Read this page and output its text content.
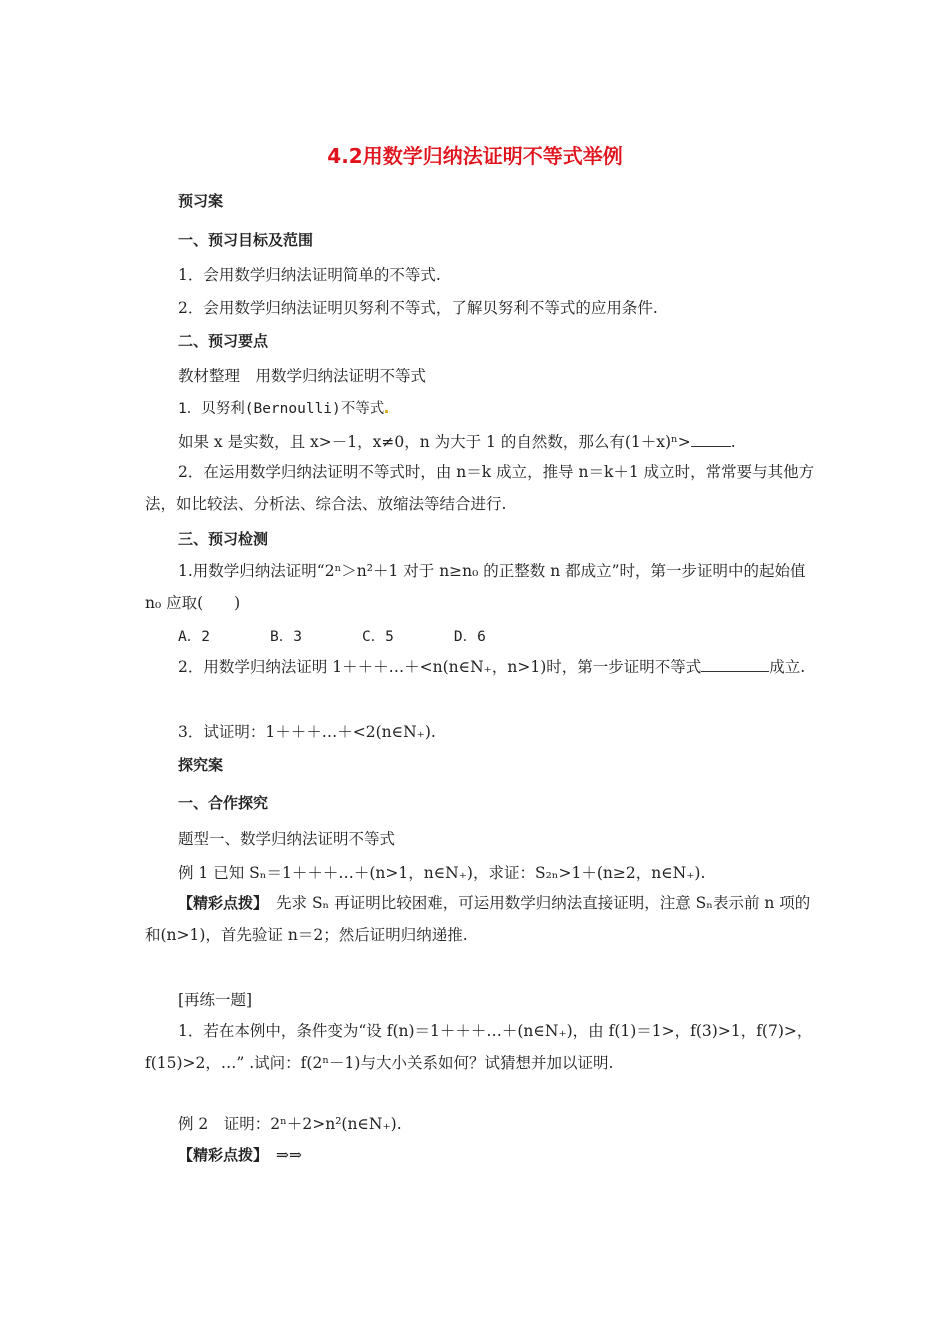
4.2用数学归纳法证明不等式举例
预习案
一、预习目标及范围
1．会用数学归纳法证明简单的不等式.
2．会用数学归纳法证明贝努利不等式，了解贝努利不等式的应用条件.
二、预习要点
教材整理　用数学归纳法证明不等式
1．贝努利(Bernoulli)不等式
如果 x 是实数，且 x>－1，x≠0，n 为大于 1 的自然数，那么有(1＋x)ⁿ>	.

2．在运用数学归纳法证明不等式时，由 n＝k 成立，推导 n＝k＋1 成立时，常常要与其他方法，如比较法、分析法、综合法、放缩法等结合进行.

三、预习检测

1.用数学归纳法证明“2ⁿ＞n²＋1 对于 n≥n₀ 的正整数 n 都成立”时，第一步证明中的起始值 n₀ 应取(　　)

A．2	B．3	C．5	D．6

2．用数学归纳法证明 1＋＋＋…＋<n(n∈N₊，n>1)时，第一步证明不等式	成立.

3．试证明：1＋＋＋…＋<2(n∈N₊).
探究案
一、合作探究
题型一、数学归纳法证明不等式
例 1 已知 Sₙ＝1＋＋＋…＋(n>1，n∈N₊)，求证：S₂ₙ>1＋(n≥2，n∈N₊).

【精彩点拨】　先求 Sₙ 再证明比较困难，可运用数学归纳法直接证明，注意 Sₙ表示前 n 项的和(n>1)，首先验证 n＝2；然后证明归纳递推.

[再练一题]

1．若在本例中，条件变为“设 f(n)＝1＋＋＋…＋(n∈N₊)，由 f(1)＝1>，f(3)>1，f(7)>，f(15)>2，…” .试问：f(2ⁿ－1)与大小关系如何？试猜想并加以证明.

例 2　证明：2ⁿ＋2>n²(n∈N₊).
【精彩点拨】　⇒⇒
